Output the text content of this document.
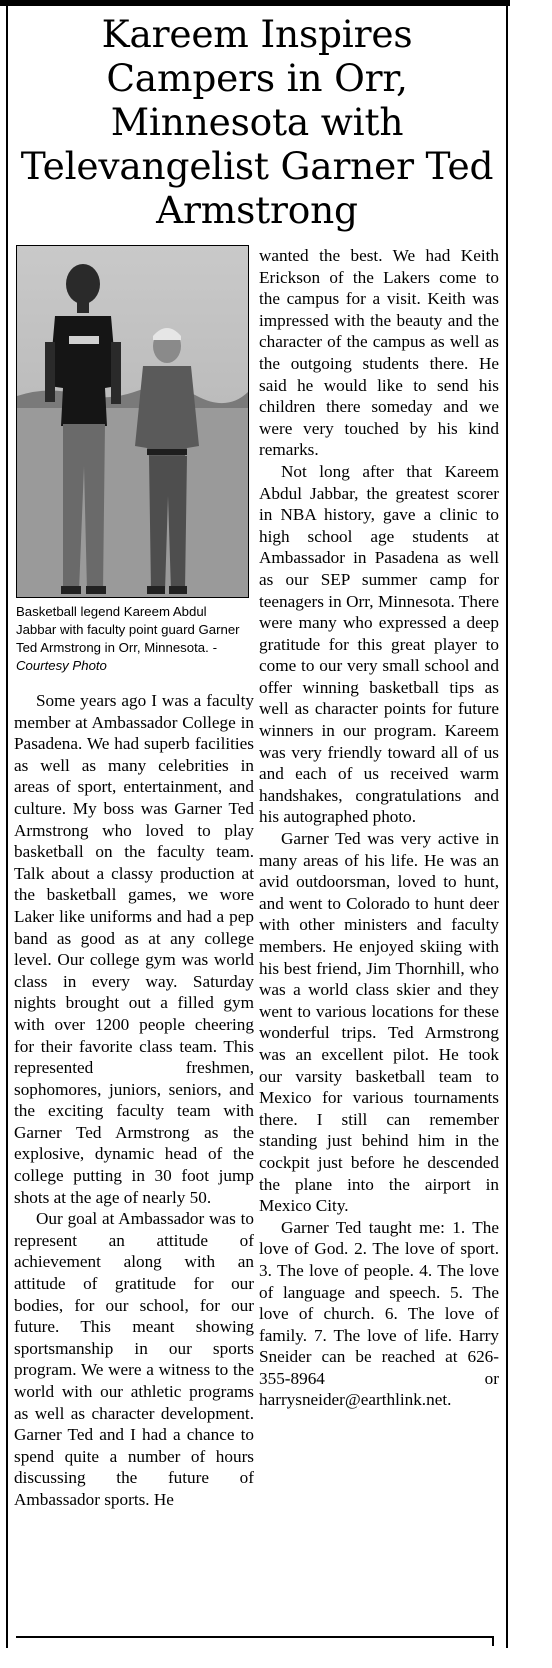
Kareem Inspires Campers in Orr, Minnesota with Televangelist Garner Ted Armstrong
Basketball legend Kareem Abdul Jabbar with faculty point guard Garner Ted Armstrong in Orr, Minnesota. -Courtesy Photo

Some years ago I was a faculty member at Ambassador College in Pasadena. We had superb facilities as well as many celebrities in areas of sport, entertainment, and culture. My boss was Garner Ted Armstrong who loved to play basketball on the faculty team. Talk about a classy production at the basketball games, we wore Laker like uniforms and had a pep band as good as at any college level. Our college gym was world class in every way. Saturday nights brought out a filled gym with over 1200 people cheering for their favorite class team. This represented freshmen, sophomores, juniors, seniors, and the exciting faculty team with Garner Ted Armstrong as the explosive, dynamic head of the college putting in 30 foot jump shots at the age of nearly 50.

Our goal at Ambassador was to represent an attitude of achievement along with an attitude of gratitude for our bodies, for our school, for our future. This meant showing sportsmanship in our sports program. We were a witness to the world with our athletic programs as well as character development. Garner Ted and I had a chance to spend quite a number of hours discussing the future of Ambassador sports. He

wanted the best. We had Keith Erickson of the Lakers come to the campus for a visit. Keith was impressed with the beauty and the character of the campus as well as the outgoing students there. He said he would like to send his children there someday and we were very touched by his kind remarks.

Not long after that Kareem Abdul Jabbar, the greatest scorer in NBA history, gave a clinic to high school age students at Ambassador in Pasadena as well as our SEP summer camp for teenagers in Orr, Minnesota. There were many who expressed a deep gratitude for this great player to come to our very small school and offer winning basketball tips as well as character points for future winners in our program. Kareem was very friendly toward all of us and each of us received warm handshakes, congratulations and his autographed photo.

Garner Ted was very active in many areas of his life. He was an avid outdoorsman, loved to hunt, and went to Colorado to hunt deer with other ministers and faculty members. He enjoyed skiing with his best friend, Jim Thornhill, who was a world class skier and they went to various locations for these wonderful trips. Ted Armstrong was an excellent pilot. He took our varsity basketball team to Mexico for various tournaments there. I still can remember standing just behind him in the cockpit just before he descended the plane into the airport in Mexico City.

Garner Ted taught me: 1. The love of God. 2. The love of sport. 3. The love of people. 4. The love of language and speech. 5. The love of church. 6. The love of family. 7. The love of life. Harry Sneider can be reached at 626-355-8964 or harrysneider@earthlink.net.
